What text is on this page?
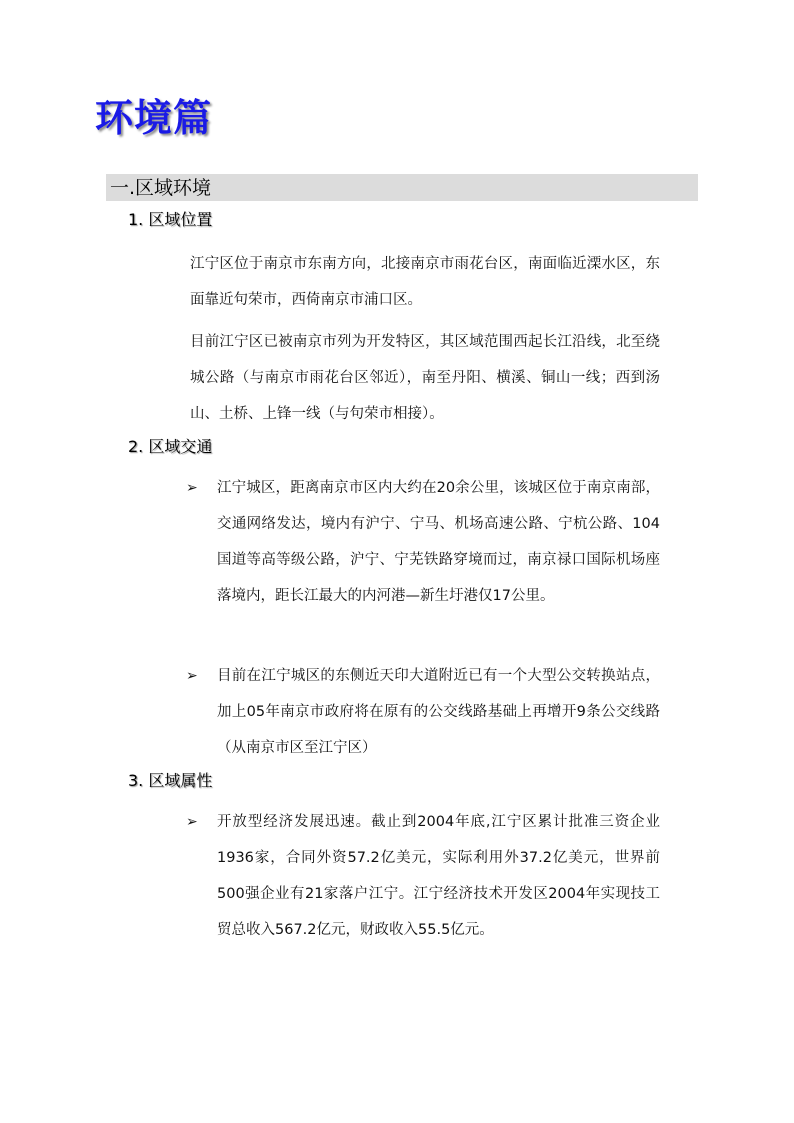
环境篇
一.区域环境
1. 区域位置

江宁区位于南京市东南方向，北接南京市雨花台区，南面临近溧水区，东面靠近句荣市，西倚南京市浦口区。

目前江宁区已被南京市列为开发特区，其区域范围西起长江沿线，北至绕城公路（与南京市雨花台区邻近），南至丹阳、横溪、铜山一线；西到汤山、土桥、上锋一线（与句荣市相接）。

2. 区域交通
➢ 江宁城区，距离南京市区内大约在20余公里，该城区位于南京南部，交通网络发达，境内有沪宁、宁马、机场高速公路、宁杭公路、104国道等高等级公路，沪宁、宁芜铁路穿境而过，南京禄口国际机场座落境内，距长江最大的内河港—新生圩港仅17公里。

➢ 目前在江宁城区的东侧近天印大道附近已有一个大型公交转换站点，加上05年南京市政府将在原有的公交线路基础上再增开9条公交线路（从南京市区至江宁区）

3. 区域属性
➢ 开放型经济发展迅速。截止到2004年底,江宁区累计批准三资企业1936家，合同外资57.2亿美元，实际利用外37.2亿美元，世界前500强企业有21家落户江宁。江宁经济技术开发区2004年实现技工贸总收入567.2亿元，财政收入55.5亿元。
